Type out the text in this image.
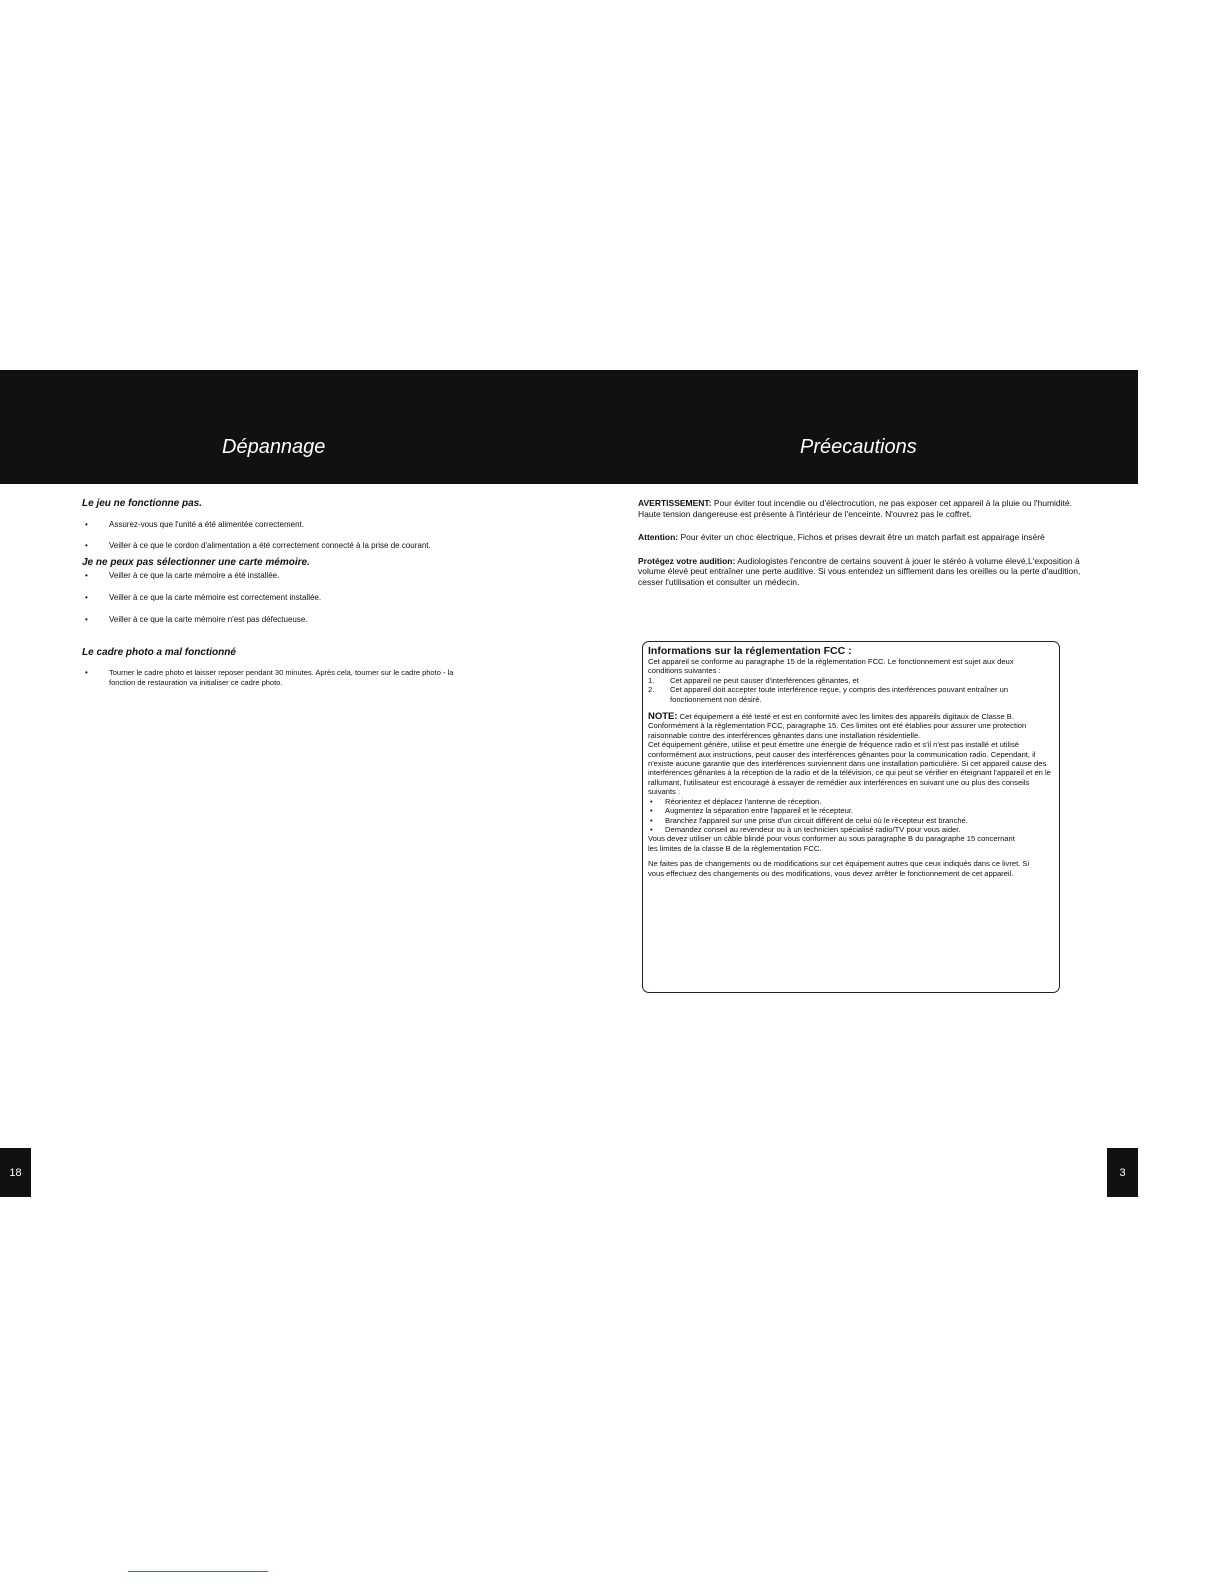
Dépannage	Préecautions

Le jeu ne fonctionne pas.

• Assurez-vous que l'unité a été alimentée correctement.
• Veiller à ce que le cordon d'alimentation a été correctement connecté à la prise de courant.

Je ne peux pas sélectionner une carte mémoire.

• Veiller à ce que la carte mémoire a été installée.
• Veiller à ce que la carte mémoire est correctement installée.
• Veiller à ce que la carte mémoire n'est pas défectueuse.

Le cadre photo a mal fonctionné

• Tourner le cadre photo et laisser reposer pendant 30 minutes. Après cela, tourner sur le cadre photo - la fonction de restauration va initialiser ce cadre photo.

AVERTISSEMENT: Pour éviter tout incendie ou d'électrocution, ne pas exposer cet appareil à la pluie ou l'humidité. Haute tension dangereuse est présente à l'intérieur de l'enceinte. N'ouvrez pas le coffret.

Attention: Pour éviter un choc électrique, Fichos et prises devrait être un match parfait est appairage inséré

Protégez votre audition: Audiologistes l'encontre de certains souvent à jouer le stéréo à volume élevé,L'exposition à volume élevé peut entraîner une perte auditive. Si vous entendez un sifflement dans les oreilles ou la perte d'audition, cesser l'utilisation et consulter un médecin.

Informations sur la réglementation FCC :

Cet appareil se conforme au paragraphe 15 de la règlementation FCC. Le fonctionnement est sujet aux deux conditions suivantes :

1. Cet appareil ne peut causer d'interférences gênantes, et
2. Cet appareil doit accepter toute interférence reçue, y compris des interférences pouvant entraîner un fonctionnement non désiré.

NOTE: Cet équipement a été testé et est en conformité avec les limites des appareils digitaux de Classe B. Conformément à la règlementation FCC, paragraphe 15. Ces limites ont été établies pour assurer une protection raisonnable contre des interférences gênantes dans une installation résidentielle.

Cet équipement génère, utilise et peut émettre une énergie de fréquence radio et s'il n'est pas installé et utilisé conformément aux instructions, peut causer des interférences gênantes pour la communication radio. Cependant, il n'existe aucune garantie que des interférences surviennent dans une installation particulière. Si cet appareil cause des interférences gênantes à la réception de la radio et de la télévision, ce qui peut se vérifier en éteignant l'appareil et en le rallumant, l'utilisateur est encouragé à essayer de remédier aux interférences en suivant une ou plus des conseils suivants :

• Réorientez et déplacez l'antenne de réception.
• Augmentez la séparation entre l'appareil et le récepteur.
• Branchez l'appareil sur une prise d'un circuit différent de celui où le récepteur est branché.
• Demandez conseil au revendeur ou à un technicien spécialisé radio/TV pour vous aider.

Vous devez utiliser un câble blindé pour vous conformer au sous paragraphe B du paragraphe 15 concernant les limites de la classe B de la règlementation FCC.

Ne faites pas de changements ou de modifications sur cet équipement autres que ceux indiqués dans ce livret. Si vous effectuez des changements ou des modifications, vous devez arrêter le fonctionnement de cet appareil.

18	3
